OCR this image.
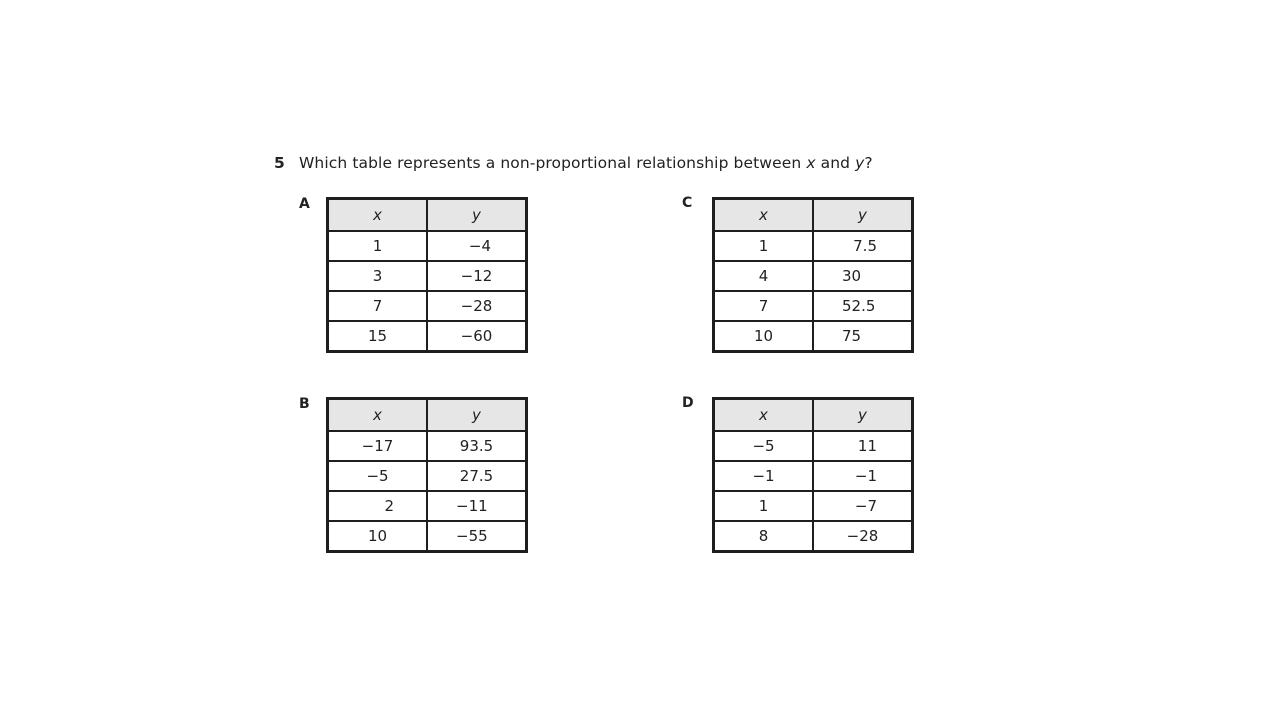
5 Which table represents a non-proportional relationship between x and y?
A
x	y
1	−4
3	−12
7	−28
15	−60
C
x	y
1	7.5
4	30
7	52.5
10	75
B
x	y
−17	93.5
−5	27.5
2	−11
10	−55
D
x	y
−5	11
−1	−1
1	−7
8	−28
